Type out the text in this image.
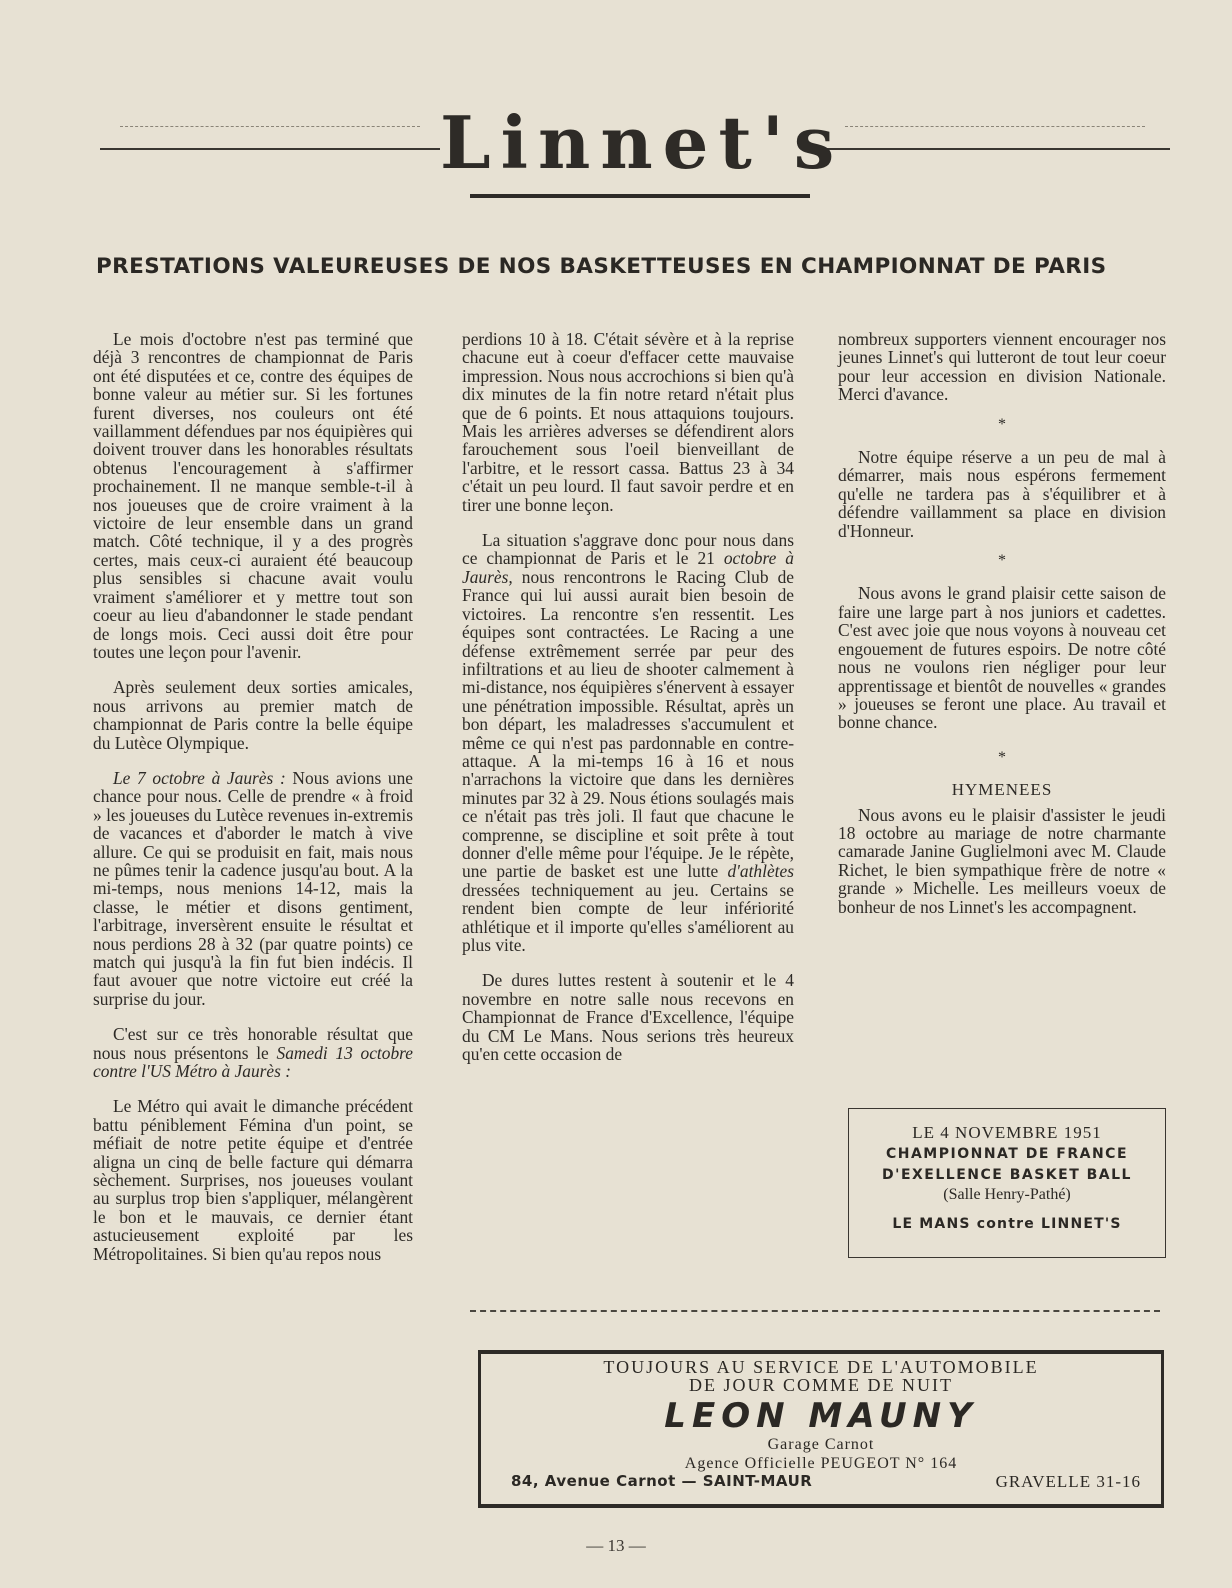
Linnet's
PRESTATIONS VALEUREUSES DE NOS BASKETTEUSES EN CHAMPIONNAT DE PARIS

Le mois d'octobre n'est pas terminé que déjà 3 rencontres de championnat de Paris ont été disputées et ce, contre des équipes de bonne valeur au métier sur. Si les fortunes furent diverses, nos couleurs ont été vaillamment défendues par nos équipières qui doivent trouver dans les honorables résultats obtenus l'encouragement à s'affirmer prochainement. Il ne manque semble-t-il à nos joueuses que de croire vraiment à la victoire de leur ensemble dans un grand match. Côté technique, il y a des progrès certes, mais ceux-ci auraient été beaucoup plus sensibles si chacune avait voulu vraiment s'améliorer et y mettre tout son coeur au lieu d'abandonner le stade pendant de longs mois. Ceci aussi doit être pour toutes une leçon pour l'avenir.

Après seulement deux sorties amicales, nous arrivons au premier match de championnat de Paris contre la belle équipe du Lutèce Olympique.

Le 7 octobre à Jaurès : Nous avions une chance pour nous. Celle de prendre « à froid » les joueuses du Lutèce revenues in-extremis de vacances et d'aborder le match à vive allure. Ce qui se produisit en fait, mais nous ne pûmes tenir la cadence jusqu'au bout. A la mi-temps, nous menions 14-12, mais la classe, le métier et disons gentiment, l'arbitrage, inversèrent ensuite le résultat et nous perdions 28 à 32 (par quatre points) ce match qui jusqu'à la fin fut bien indécis. Il faut avouer que notre victoire eut créé la surprise du jour.

C'est sur ce très honorable résultat que nous nous présentons le Samedi 13 octobre contre l'US Métro à Jaurès :

Le Métro qui avait le dimanche précédent battu péniblement Fémina d'un point, se méfiait de notre petite équipe et d'entrée aligna un cinq de belle facture qui démarra sèchement. Surprises, nos joueuses voulant au surplus trop bien s'appliquer, mélangèrent le bon et le mauvais, ce dernier étant astucieusement exploité par les Métropolitaines. Si bien qu'au repos nous

perdions 10 à 18. C'était sévère et à la reprise chacune eut à coeur d'effacer cette mauvaise impression. Nous nous accrochions si bien qu'à dix minutes de la fin notre retard n'était plus que de 6 points. Et nous attaquions toujours. Mais les arrières adverses se défendirent alors farouchement sous l'oeil bienveillant de l'arbitre, et le ressort cassa. Battus 23 à 34 c'était un peu lourd. Il faut savoir perdre et en tirer une bonne leçon.

La situation s'aggrave donc pour nous dans ce championnat de Paris et le 21 octobre à Jaurès, nous rencontrons le Racing Club de France qui lui aussi aurait bien besoin de victoires. La rencontre s'en ressentit. Les équipes sont contractées. Le Racing a une défense extrêmement serrée par peur des infiltrations et au lieu de shooter calmement à mi-distance, nos équipières s'énervent à essayer une pénétration impossible. Résultat, après un bon départ, les maladresses s'accumulent et même ce qui n'est pas pardonnable en contre-attaque. A la mi-temps 16 à 16 et nous n'arrachons la victoire que dans les dernières minutes par 32 à 29. Nous étions soulagés mais ce n'était pas très joli. Il faut que chacune le comprenne, se discipline et soit prête à tout donner d'elle même pour l'équipe. Je le répète, une partie de basket est une lutte d'athlètes dressées techniquement au jeu. Certains se rendent bien compte de leur infériorité athlétique et il importe qu'elles s'améliorent au plus vite.

De dures luttes restent à soutenir et le 4 novembre en notre salle nous recevons en Championnat de France d'Excellence, l'équipe du CM Le Mans. Nous serions très heureux qu'en cette occasion de

nombreux supporters viennent encourager nos jeunes Linnet's qui lutteront de tout leur coeur pour leur accession en division Nationale. Merci d'avance.

*

Notre équipe réserve a un peu de mal à démarrer, mais nous espérons fermement qu'elle ne tardera pas à s'équilibrer et à défendre vaillamment sa place en division d'Honneur.

*

Nous avons le grand plaisir cette saison de faire une large part à nos juniors et cadettes. C'est avec joie que nous voyons à nouveau cet engouement de futures espoirs. De notre côté nous ne voulons rien négliger pour leur apprentissage et bientôt de nouvelles « grandes » joueuses se feront une place. Au travail et bonne chance.

*
HYMENEES

Nous avons eu le plaisir d'assister le jeudi 18 octobre au mariage de notre charmante camarade Janine Guglielmoni avec M. Claude Richet, le bien sympathique frère de notre « grande » Michelle. Les meilleurs voeux de bonheur de nos Linnet's les accompagnent.

LE 4 NOVEMBRE 1951
CHAMPIONNAT DE FRANCE
D'EXELLENCE BASKET BALL
(Salle Henry-Pathé)
LE MANS contre LINNET'S
TOUJOURS AU SERVICE DE L'AUTOMOBILE
DE JOUR COMME DE NUIT
LEON MAUNY
Garage Carnot
Agence Officielle PEUGEOT N° 164
84, Avenue Carnot — SAINT-MAUR	GRAVELLE 31-16
— 13 —
